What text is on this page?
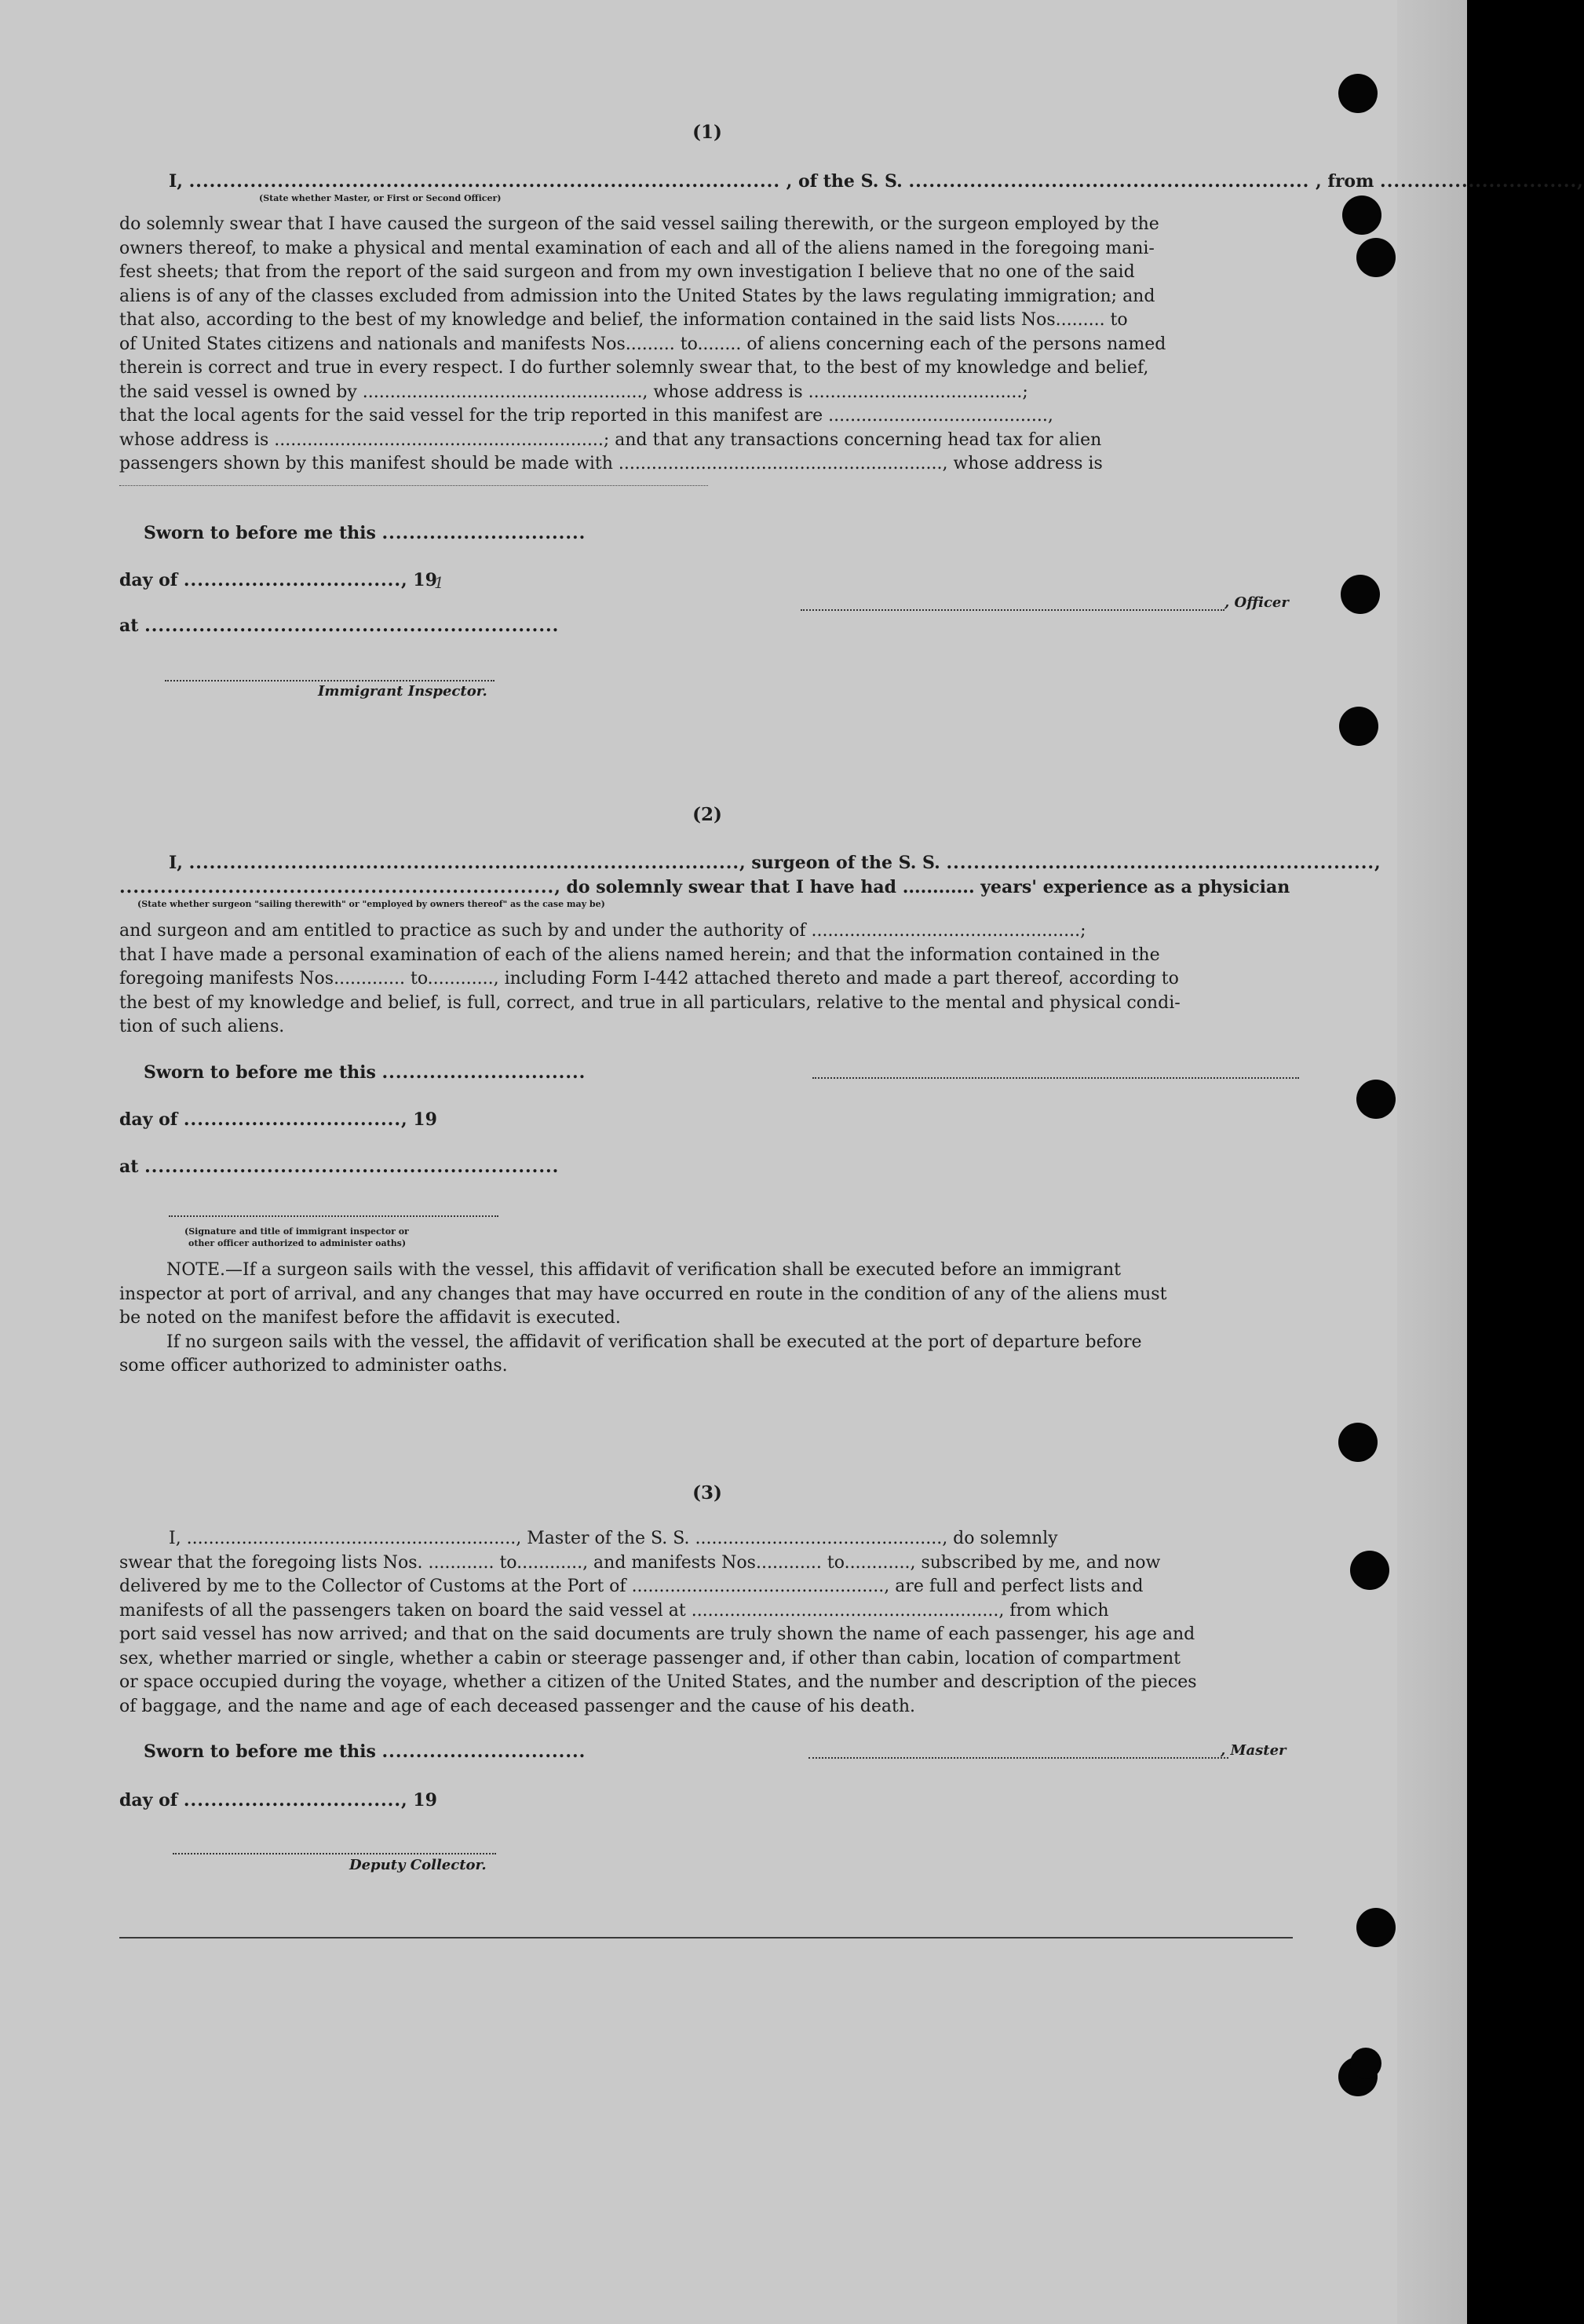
(1)
I, ....................................................................................... , of the S. S. ........................................................... , from .............................,
(State whether Master, or First or Second Officer)
do solemnly swear that I have caused the surgeon of the said vessel sailing therewith, or the surgeon employed by the
owners thereof, to make a physical and mental examination of each and all of the aliens named in the foregoing mani-
fest sheets; that from the report of the said surgeon and from my own investigation I believe that no one of the said
aliens is of any of the classes excluded from admission into the United States by the laws regulating immigration; and
that also, according to the best of my knowledge and belief, the information contained in the said lists Nos......... to
of United States citizens and nationals and manifests Nos......... to........ of aliens concerning each of the persons named
therein is correct and true in every respect. I do further solemnly swear that, to the best of my knowledge and belief,
the said vessel is owned by ..................................................., whose address is .......................................;
that the local agents for the said vessel for the trip reported in this manifest are ........................................,
whose address is ............................................................; and that any transactions concerning head tax for alien
passengers shown by this manifest should be made with ..........................................................., whose address is
Sworn to before me this ..............................
day of ................................, 19
1
at .............................................................
Immigrant Inspector.
, Officer
(2)
I, ................................................................................., surgeon of the S. S. ...............................................................,
................................................................, do solemnly swear that I have had ............ years' experience as a physician
(State whether surgeon "sailing therewith" or "employed by owners thereof" as the case may be)
and surgeon and am entitled to practice as such by and under the authority of .................................................;
that I have made a personal examination of each of the aliens named herein; and that the information contained in the
foregoing manifests Nos............. to............, including Form I-442 attached thereto and made a part thereof, according to
the best of my knowledge and belief, is full, correct, and true in all particulars, relative to the mental and physical condi-
tion of such aliens.
Sworn to before me this ..............................
day of ................................, 19
at .............................................................
(Signature and title of immigrant inspector or
other officer authorized to administer oaths)
NOTE.—If a surgeon sails with the vessel, this affidavit of verification shall be executed before an immigrant
inspector at port of arrival, and any changes that may have occurred en route in the condition of any of the aliens must
be noted on the manifest before the affidavit is executed.
If no surgeon sails with the vessel, the affidavit of verification shall be executed at the port of departure before
some officer authorized to administer oaths.
(3)
I, ............................................................, Master of the S. S. ............................................., do solemnly
swear that the foregoing lists Nos. ............ to............, and manifests Nos............ to............, subscribed by me, and now
delivered by me to the Collector of Customs at the Port of .............................................., are full and perfect lists and
manifests of all the passengers taken on board the said vessel at ........................................................, from which
port said vessel has now arrived; and that on the said documents are truly shown the name of each passenger, his age and
sex, whether married or single, whether a cabin or steerage passenger and, if other than cabin, location of compartment
or space occupied during the voyage, whether a citizen of the United States, and the number and description of the pieces
of baggage, and the name and age of each deceased passenger and the cause of his death.
Sworn to before me this ..............................	, Master
day of ................................, 19
Deputy Collector.
